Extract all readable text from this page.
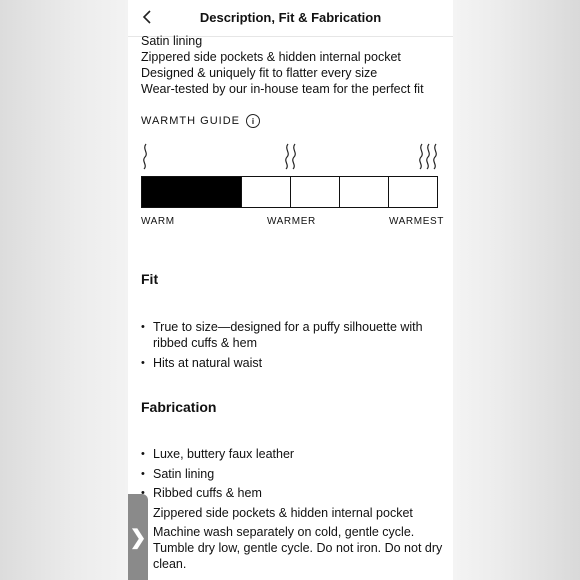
Description, Fit & Fabrication
Satin lining
Zippered side pockets & hidden internal pocket
Designed & uniquely fit to flatter every size
Wear-tested by our in-house team for the perfect fit
WARMTH GUIDE	i
WARM	WARMER	WARMEST
Fit
• True to size—designed for a puffy silhouette with ribbed cuffs & hem
• Hits at natural waist
Fabrication
• Luxe, buttery faux leather
• Satin lining
• Ribbed cuffs & hem
Zippered side pockets & hidden internal pocket
Machine wash separately on cold, gentle cycle. Tumble dry low, gentle cycle. Do not iron. Do not dry clean.
❯
